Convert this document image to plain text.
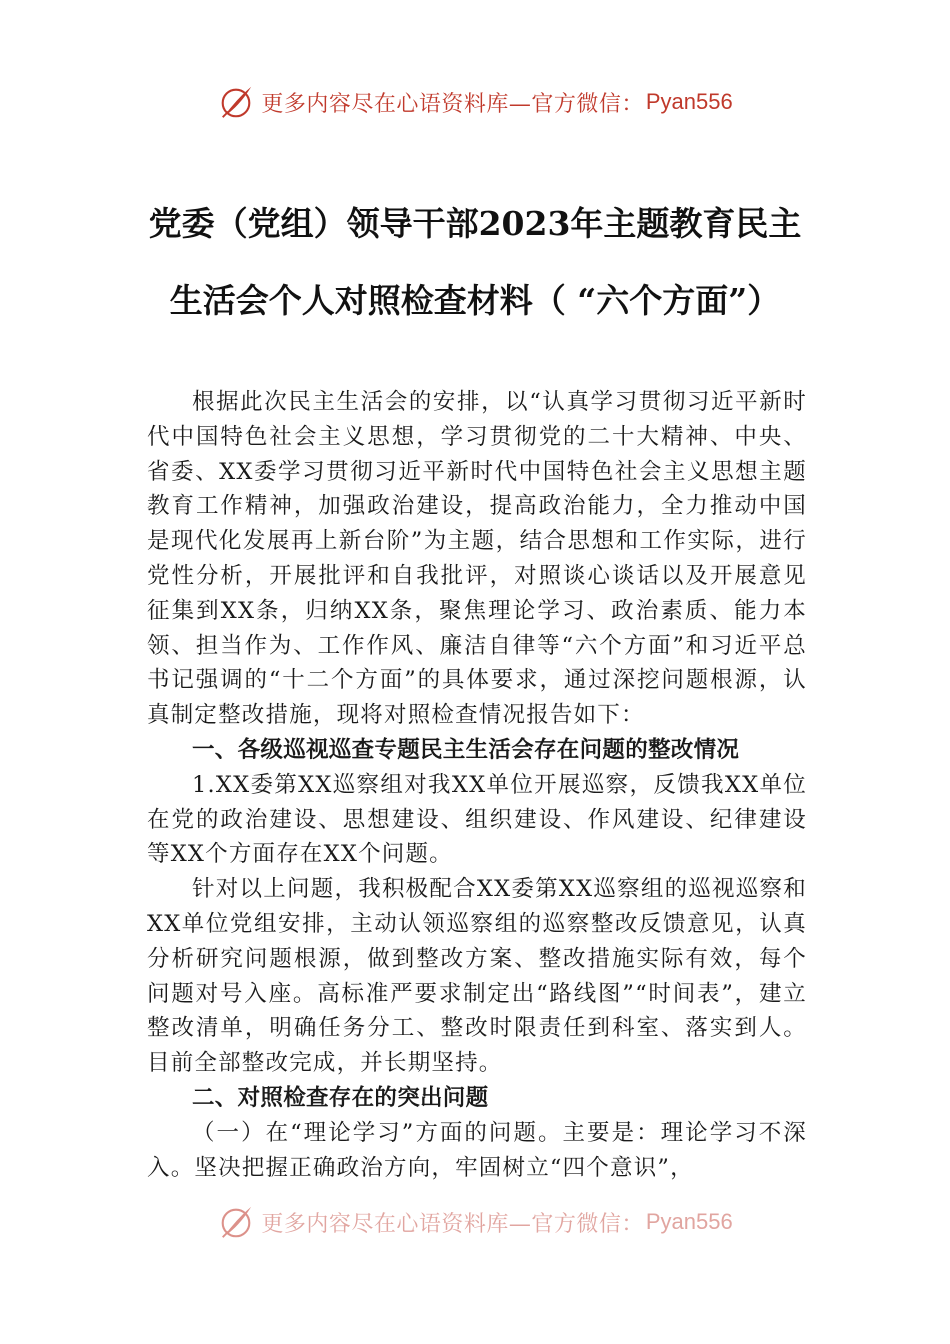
更多内容尽在心语资料库—官方微信： Pyan556
党委（党组）领导干部2023年主题教育民主生活会个人对照检查材料（ “六个方面”）

根据此次民主生活会的安排，以“认真学习贯彻习近平新时代中国特色社会主义思想，学习贯彻党的二十大精神、中央、省委、XX委学习贯彻习近平新时代中国特色社会主义思想主题教育工作精神，加强政治建设，提高政治能力，全力推动中国是现代化发展再上新台阶”为主题，结合思想和工作实际，进行党性分析，开展批评和自我批评，对照谈心谈话以及开展意见征集到XX条，归纳XX条，聚焦理论学习、政治素质、能力本领、担当作为、工作作风、廉洁自律等“六个方面”和习近平总书记强调的“十二个方面”的具体要求，通过深挖问题根源，认真制定整改措施，现将对照检查情况报告如下：

一、各级巡视巡查专题民主生活会存在问题的整改情况

1.XX委第XX巡察组对我XX单位开展巡察，反馈我XX单位在党的政治建设、思想建设、组织建设、作风建设、纪律建设等XX个方面存在XX个问题。

针对以上问题，我积极配合XX委第XX巡察组的巡视巡察和XX单位党组安排，主动认领巡察组的巡察整改反馈意见，认真分析研究问题根源，做到整改方案、整改措施实际有效，每个问题对号入座。高标准严要求制定出“路线图”“时间表”，建立整改清单，明确任务分工、整改时限责任到科室、落实到人。目前全部整改完成，并长期坚持。

二、对照检查存在的突出问题

（一）在“理论学习”方面的问题。主要是：理论学习不深入。坚决把握正确政治方向，牢固树立“四个意识”，

更多内容尽在心语资料库—官方微信： Pyan556
